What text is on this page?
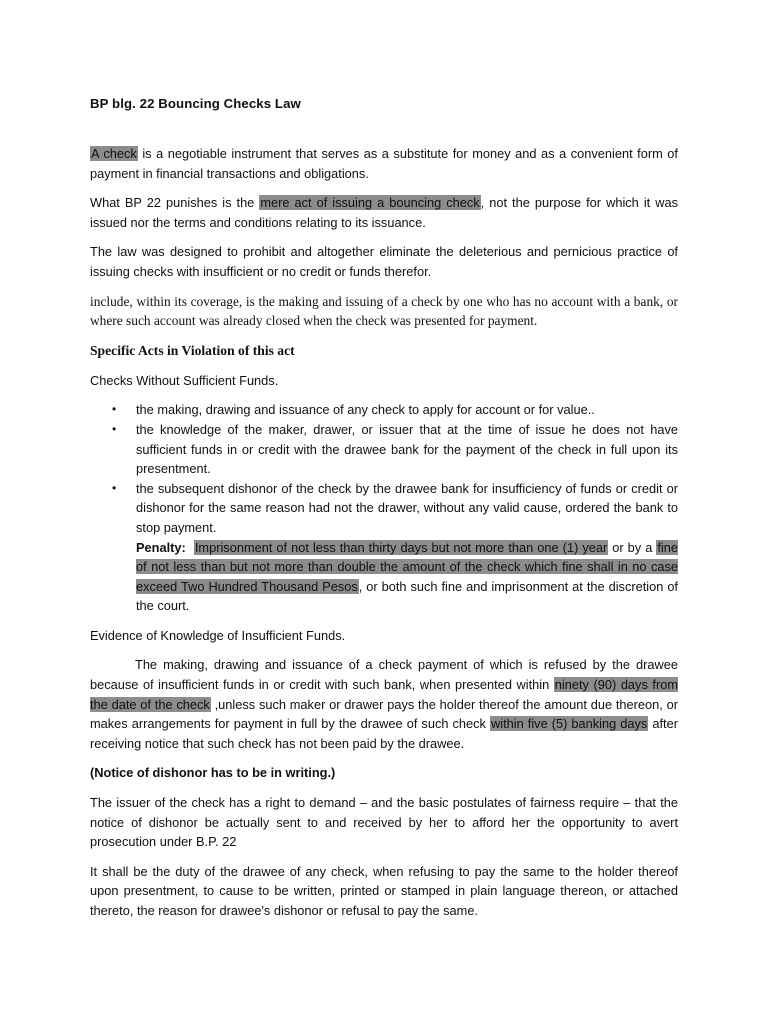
BP blg. 22 Bouncing Checks Law

A check is a negotiable instrument that serves as a substitute for money and as a convenient form of payment in financial transactions and obligations.

What BP 22 punishes is the mere act of issuing a bouncing check, not the purpose for which it was issued nor the terms and conditions relating to its issuance.

The law was designed to prohibit and altogether eliminate the deleterious and pernicious practice of issuing checks with insufficient or no credit or funds therefor.

include, within its coverage, is the making and issuing of a check by one who has no account with a bank, or where such account was already closed when the check was presented for payment.

Specific Acts in Violation of this act
Checks Without Sufficient Funds.
• the making, drawing and issuance of any check to apply for account or for value..
• the knowledge of the maker, drawer, or issuer that at the time of issue he does not have sufficient funds in or credit with the drawee bank for the payment of the check in full upon its presentment.
• the subsequent dishonor of the check by the drawee bank for insufficiency of funds or credit or dishonor for the same reason had not the drawer, without any valid cause, ordered the bank to stop payment.
Penalty: Imprisonment of not less than thirty days but not more than one (1) year or by a fine of not less than but not more than double the amount of the check which fine shall in no case exceed Two Hundred Thousand Pesos, or both such fine and imprisonment at the discretion of the court.
Evidence of Knowledge of Insufficient Funds.

The making, drawing and issuance of a check payment of which is refused by the drawee because of insufficient funds in or credit with such bank, when presented within ninety (90) days from the date of the check ,unless such maker or drawer pays the holder thereof the amount due thereon, or makes arrangements for payment in full by the drawee of such check within five (5) banking days after receiving notice that such check has not been paid by the drawee.

(Notice of dishonor has to be in writing.)

The issuer of the check has a right to demand – and the basic postulates of fairness require – that the notice of dishonor be actually sent to and received by her to afford her the opportunity to avert prosecution under B.P. 22

It shall be the duty of the drawee of any check, when refusing to pay the same to the holder thereof upon presentment, to cause to be written, printed or stamped in plain language thereon, or attached thereto, the reason for drawee's dishonor or refusal to pay the same.
